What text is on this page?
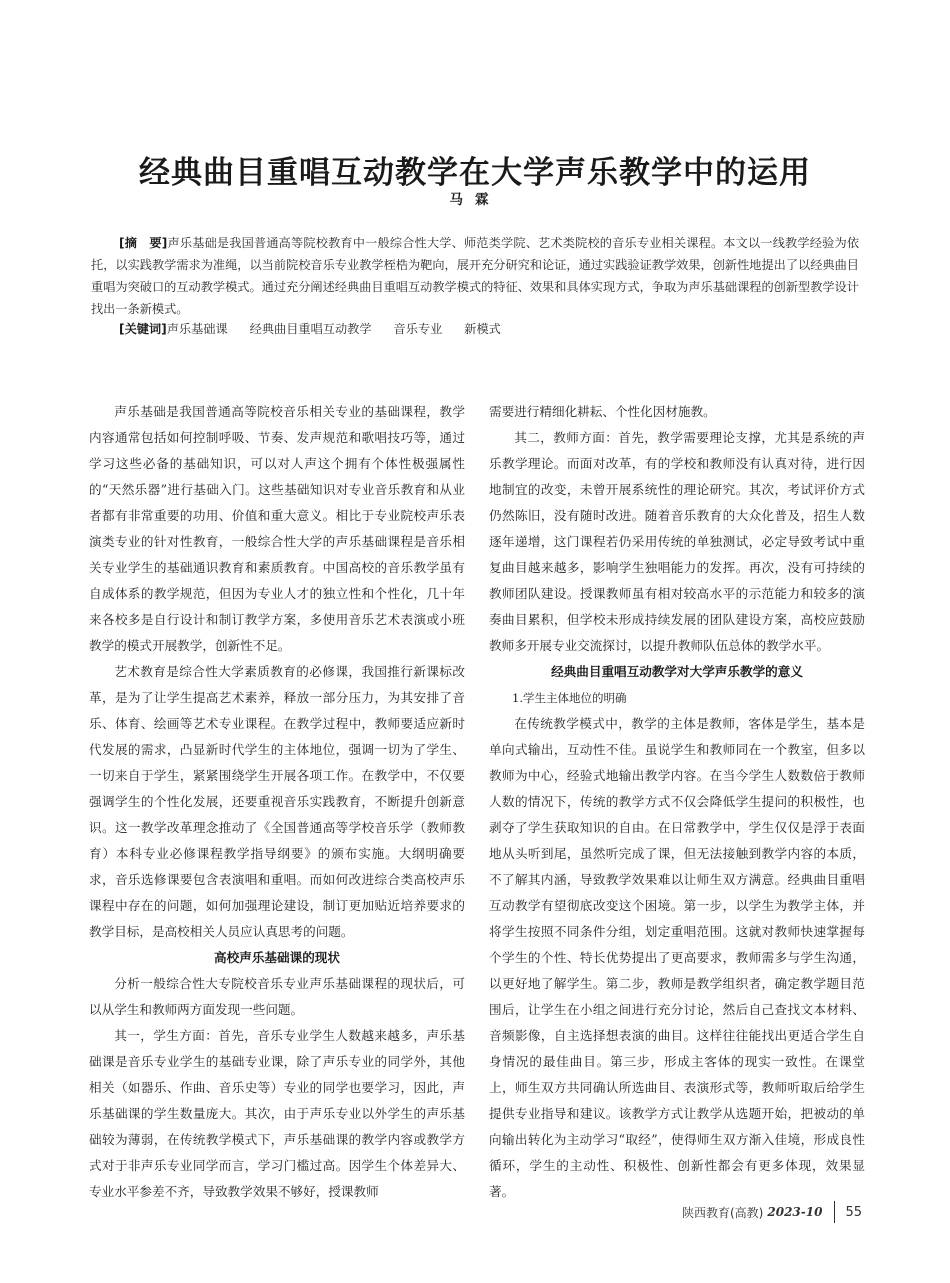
经典曲目重唱互动教学在大学声乐教学中的运用
马霖
[摘　要]声乐基础是我国普通高等院校教育中一般综合性大学、师范类学院、艺术类院校的音乐专业相关课程。本文以一线教学经验为依托，以实践教学需求为准绳，以当前院校音乐专业教学桎梏为靶向，展开充分研究和论证，通过实践验证教学效果，创新性地提出了以经典曲目重唱为突破口的互动教学模式。通过充分阐述经典曲目重唱互动教学模式的特征、效果和具体实现方式，争取为声乐基础课程的创新型教学设计找出一条新模式。
[关键词]声乐基础课 经典曲目重唱互动教学 音乐专业 新模式

声乐基础是我国普通高等院校音乐相关专业的基础课程，教学内容通常包括如何控制呼吸、节奏、发声规范和歌唱技巧等，通过学习这些必备的基础知识，可以对人声这个拥有个体性极强属性的“天然乐器”进行基础入门。这些基础知识对专业音乐教育和从业者都有非常重要的功用、价值和重大意义。相比于专业院校声乐表演类专业的针对性教育，一般综合性大学的声乐基础课程是音乐相关专业学生的基础通识教育和素质教育。中国高校的音乐教学虽有自成体系的教学规范，但因为专业人才的独立性和个性化，几十年来各校多是自行设计和制订教学方案，多使用音乐艺术表演或小班教学的模式开展教学，创新性不足。

艺术教育是综合性大学素质教育的必修课，我国推行新课标改革，是为了让学生提高艺术素养，释放一部分压力，为其安排了音乐、体育、绘画等艺术专业课程。在教学过程中，教师要适应新时代发展的需求，凸显新时代学生的主体地位，强调一切为了学生、一切来自于学生，紧紧围绕学生开展各项工作。在教学中，不仅要强调学生的个性化发展，还要重视音乐实践教育，不断提升创新意识。这一教学改革理念推动了《全国普通高等学校音乐学（教师教育）本科专业必修课程教学指导纲要》的颁布实施。大纲明确要求，音乐选修课要包含表演唱和重唱。而如何改进综合类高校声乐课程中存在的问题，如何加强理论建设，制订更加贴近培养要求的教学目标，是高校相关人员应认真思考的问题。

高校声乐基础课的现状

分析一般综合性大专院校音乐专业声乐基础课程的现状后，可以从学生和教师两方面发现一些问题。

其一，学生方面：首先，音乐专业学生人数越来越多，声乐基础课是音乐专业学生的基础专业课，除了声乐专业的同学外，其他相关（如器乐、作曲、音乐史等）专业的同学也要学习，因此，声乐基础课的学生数量庞大。其次，由于声乐专业以外学生的声乐基础较为薄弱，在传统教学模式下，声乐基础课的教学内容或教学方式对于非声乐专业同学而言，学习门槛过高。因学生个体差异大、专业水平参差不齐，导致教学效果不够好，授课教师

需要进行精细化耕耘、个性化因材施教。

其二，教师方面：首先，教学需要理论支撑，尤其是系统的声乐教学理论。而面对改革，有的学校和教师没有认真对待，进行因地制宜的改变，未曾开展系统性的理论研究。其次，考试评价方式仍然陈旧，没有随时改进。随着音乐教育的大众化普及，招生人数逐年递增，这门课程若仍采用传统的单独测试，必定导致考试中重复曲目越来越多，影响学生独唱能力的发挥。再次，没有可持续的教师团队建设。授课教师虽有相对较高水平的示范能力和较多的演奏曲目累积，但学校未形成持续发展的团队建设方案，高校应鼓励教师多开展专业交流探讨，以提升教师队伍总体的教学水平。

经典曲目重唱互动教学对大学声乐教学的意义
1.学生主体地位的明确

在传统教学模式中，教学的主体是教师，客体是学生，基本是单向式输出，互动性不佳。虽说学生和教师同在一个教室，但多以教师为中心，经验式地输出教学内容。在当今学生人数数倍于教师人数的情况下，传统的教学方式不仅会降低学生提问的积极性，也剥夺了学生获取知识的自由。在日常教学中，学生仅仅是浮于表面地从头听到尾，虽然听完成了课，但无法接触到教学内容的本质，不了解其内涵，导致教学效果难以让师生双方满意。经典曲目重唱互动教学有望彻底改变这个困境。第一步，以学生为教学主体，并将学生按照不同条件分组，划定重唱范围。这就对教师快速掌握每个学生的个性、特长优势提出了更高要求，教师需多与学生沟通，以更好地了解学生。第二步，教师是教学组织者，确定教学题目范围后，让学生在小组之间进行充分讨论，然后自己查找文本材料、音频影像，自主选择想表演的曲目。这样往往能找出更适合学生自身情况的最佳曲目。第三步，形成主客体的现实一致性。在课堂上，师生双方共同确认所选曲目、表演形式等，教师听取后给学生提供专业指导和建议。该教学方式让教学从选题开始，把被动的单向输出转化为主动学习“取经”，使得师生双方渐入佳境，形成良性循环，学生的主动性、积极性、创新性都会有更多体现，效果显著。

陕西教育(高教) 2023-10 55
